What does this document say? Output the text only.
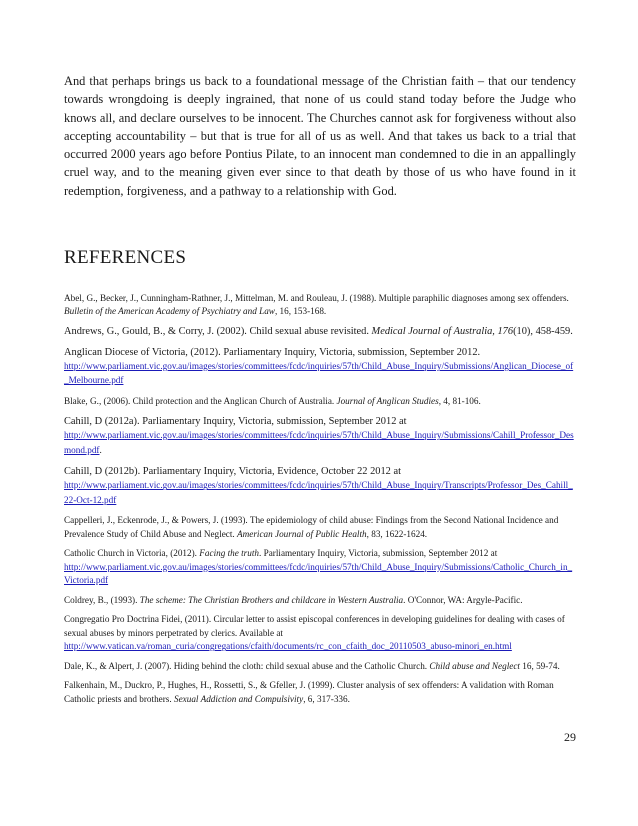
And that perhaps brings us back to a foundational message of the Christian faith – that our tendency towards wrongdoing is deeply ingrained, that none of us could stand today before the Judge who knows all, and declare ourselves to be innocent. The Churches cannot ask for forgiveness without also accepting accountability – but that is true for all of us as well. And that takes us back to a trial that occurred 2000 years ago before Pontius Pilate, to an innocent man condemned to die in an appallingly cruel way, and to the meaning given ever since to that death by those of us who have found in it redemption, forgiveness, and a pathway to a relationship with God.

REFERENCES

Abel, G., Becker, J., Cunningham-Rathner, J., Mittelman, M. and Rouleau, J. (1988). Multiple paraphilic diagnoses among sex offenders. Bulletin of the American Academy of Psychiatry and Law, 16, 153-168.

Andrews, G., Gould, B., & Corry, J. (2002). Child sexual abuse revisited. Medical Journal of Australia, 176(10), 458-459.

Anglican Diocese of Victoria, (2012). Parliamentary Inquiry, Victoria, submission, September 2012.
http://www.parliament.vic.gov.au/images/stories/committees/fcdc/inquiries/57th/Child_Abuse_Inquiry/Submissions/Anglican_Diocese_of_Melbourne.pdf

Blake, G., (2006). Child protection and the Anglican Church of Australia. Journal of Anglican Studies, 4, 81-106.

Cahill, D (2012a). Parliamentary Inquiry, Victoria, submission, September 2012 at
http://www.parliament.vic.gov.au/images/stories/committees/fcdc/inquiries/57th/Child_Abuse_Inquiry/Submissions/Cahill_Professor_Desmond.pdf.

Cahill, D (2012b). Parliamentary Inquiry, Victoria, Evidence, October 22 2012 at
http://www.parliament.vic.gov.au/images/stories/committees/fcdc/inquiries/57th/Child_Abuse_Inquiry/Transcripts/Professor_Des_Cahill_22-Oct-12.pdf

Cappelleri, J., Eckenrode, J., & Powers, J. (1993). The epidemiology of child abuse: Findings from the Second National Incidence and Prevalence Study of Child Abuse and Neglect. American Journal of Public Health, 83, 1622-1624.

Catholic Church in Victoria, (2012). Facing the truth. Parliamentary Inquiry, Victoria, submission, September 2012 at
http://www.parliament.vic.gov.au/images/stories/committees/fcdc/inquiries/57th/Child_Abuse_Inquiry/Submissions/Catholic_Church_in_Victoria.pdf

Coldrey, B., (1993). The scheme: The Christian Brothers and childcare in Western Australia. O'Connor, WA: Argyle-Pacific.

Congregatio Pro Doctrina Fidei, (2011). Circular letter to assist episcopal conferences in developing guidelines for dealing with cases of sexual abuses by minors perpetrated by clerics. Available at
http://www.vatican.va/roman_curia/congregations/cfaith/documents/rc_con_cfaith_doc_20110503_abuso-minori_en.html

Dale, K., & Alpert, J. (2007). Hiding behind the cloth: child sexual abuse and the Catholic Church. Child abuse and Neglect 16, 59-74.

Falkenhain, M., Duckro, P., Hughes, H., Rossetti, S., & Gfeller, J. (1999). Cluster analysis of sex offenders: A validation with Roman Catholic priests and brothers. Sexual Addiction and Compulsivity, 6, 317-336.

29
